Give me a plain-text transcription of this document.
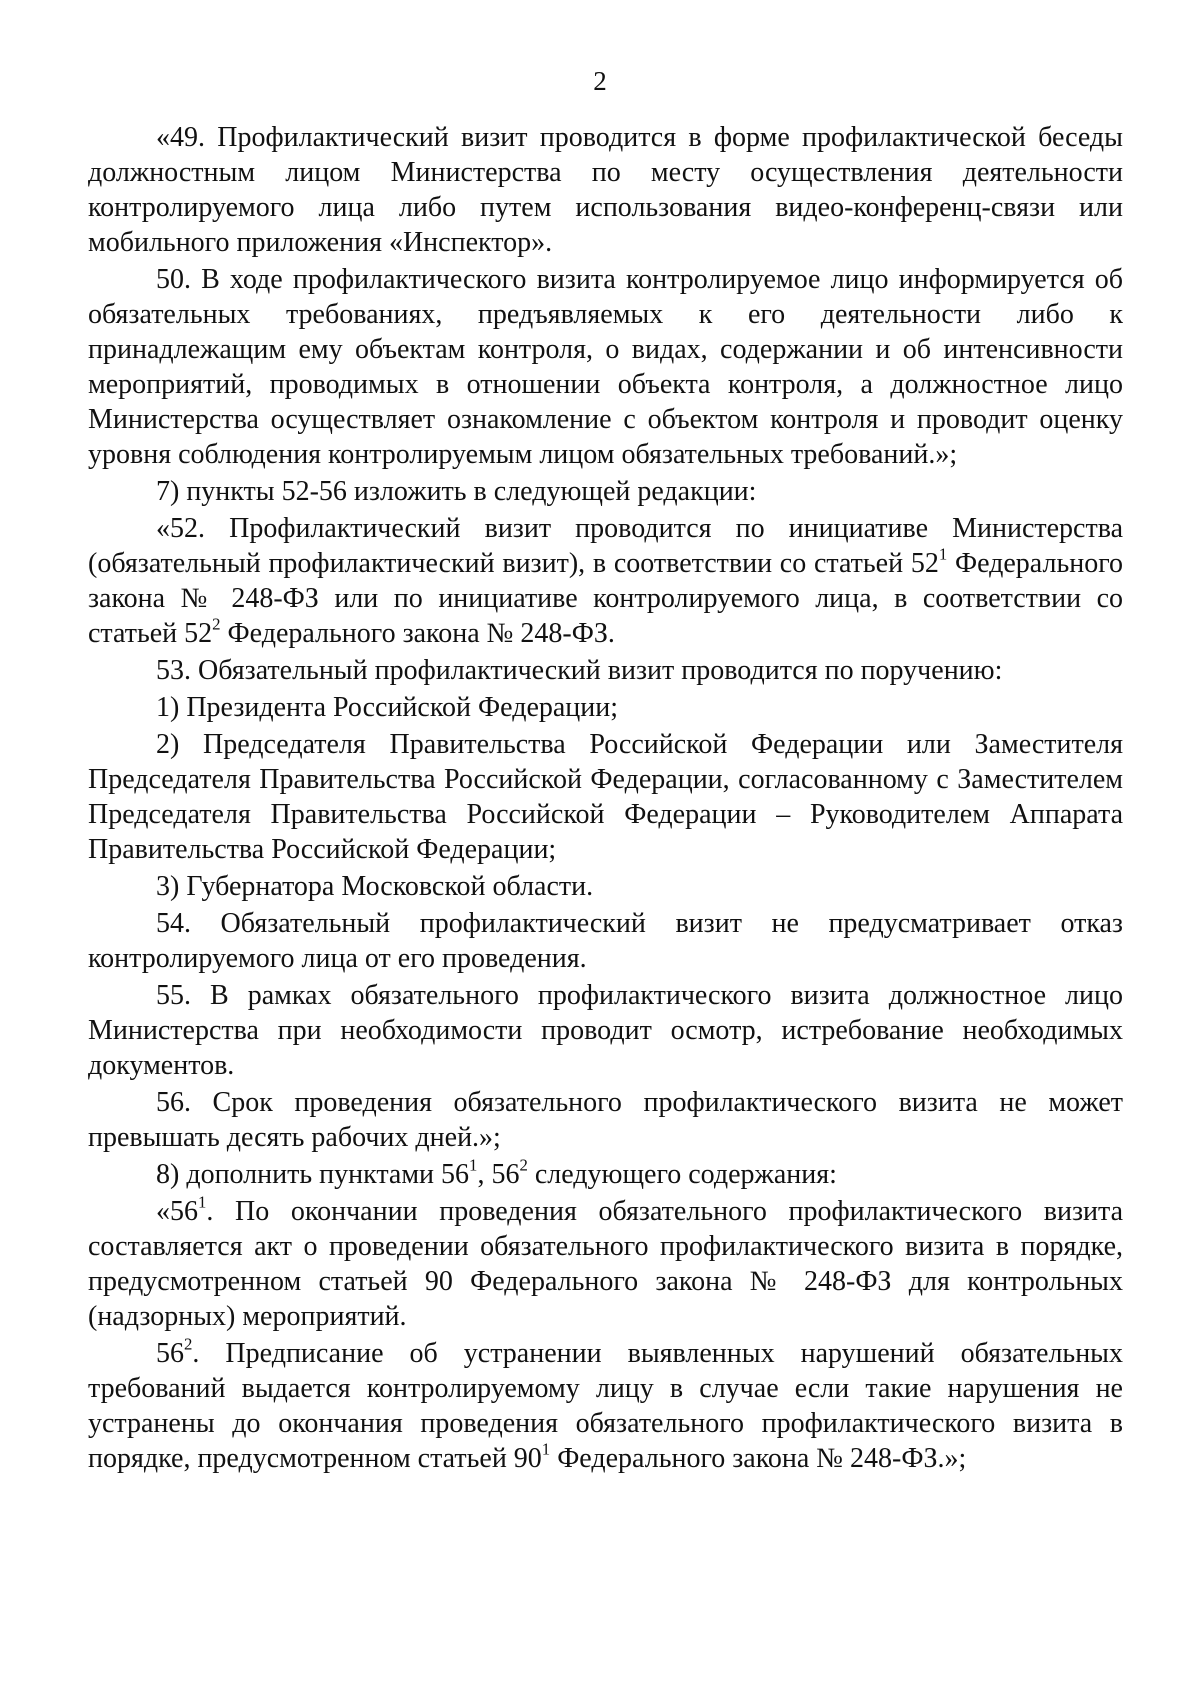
2

«49. Профилактический визит проводится в форме профилактической беседы должностным лицом Министерства по месту осуществления деятельности контролируемого лица либо путем использования видео-конференц-связи или мобильного приложения «Инспектор».

50. В ходе профилактического визита контролируемое лицо информируется об обязательных требованиях, предъявляемых к его деятельности либо к принадлежащим ему объектам контроля, о видах, содержании и об интенсивности мероприятий, проводимых в отношении объекта контроля, а должностное лицо Министерства осуществляет ознакомление с объектом контроля и проводит оценку уровня соблюдения контролируемым лицом обязательных требований.»;

7) пункты 52-56 изложить в следующей редакции:

«52. Профилактический визит проводится по инициативе Министерства (обязательный профилактический визит), в соответствии со статьей $52^1$ Федерального закона № 248-ФЗ или по инициативе контролируемого лица, в соответствии со статьей $52^2$ Федерального закона № 248-ФЗ.

53. Обязательный профилактический визит проводится по поручению:

1) Президента Российской Федерации;

2) Председателя Правительства Российской Федерации или Заместителя Председателя Правительства Российской Федерации, согласованному с Заместителем Председателя Правительства Российской Федерации – Руководителем Аппарата Правительства Российской Федерации;

3) Губернатора Московской области.

54. Обязательный профилактический визит не предусматривает отказ контролируемого лица от его проведения.

55. В рамках обязательного профилактического визита должностное лицо Министерства при необходимости проводит осмотр, истребование необходимых документов.

56. Срок проведения обязательного профилактического визита не может превышать десять рабочих дней.»;

8) дополнить пунктами $56^1$, $56^2$ следующего содержания:

«$56^1$. По окончании проведения обязательного профилактического визита составляется акт о проведении обязательного профилактического визита в порядке, предусмотренном статьей 90 Федерального закона № 248-ФЗ для контрольных (надзорных) мероприятий.

$56^2$. Предписание об устранении выявленных нарушений обязательных требований выдается контролируемому лицу в случае если такие нарушения не устранены до окончания проведения обязательного профилактического визита в порядке, предусмотренном статьей $90^1$ Федерального закона № 248-ФЗ.»;
